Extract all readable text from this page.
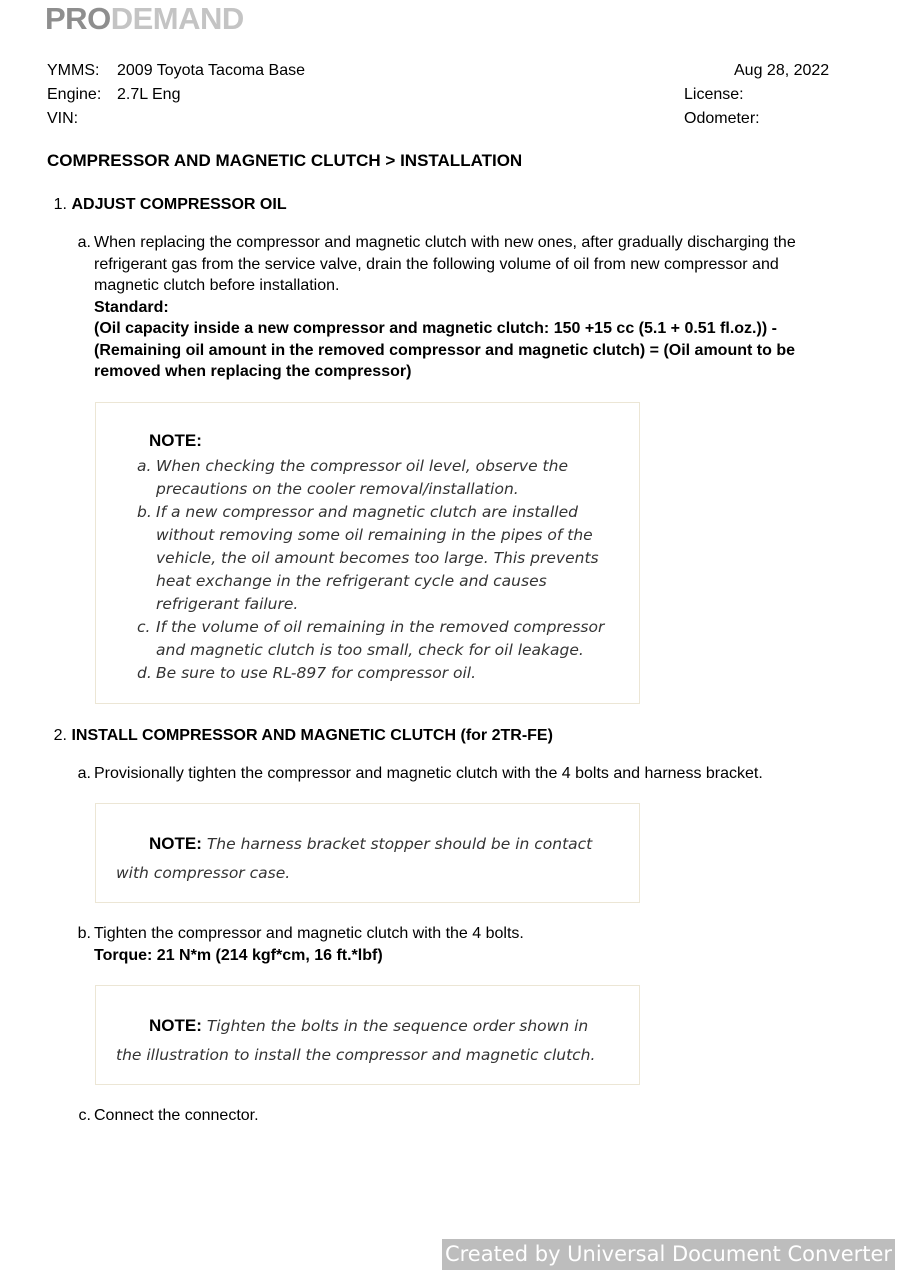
PRODEMAND
YMMS: 2009 Toyota Tacoma Base
Engine: 2.7L Eng
VIN:
Aug 28, 2022
License:
Odometer:
COMPRESSOR AND MAGNETIC CLUTCH > INSTALLATION
1. ADJUST COMPRESSOR OIL
a. When replacing the compressor and magnetic clutch with new ones, after gradually discharging the
refrigerant gas from the service valve, drain the following volume of oil from new compressor and
magnetic clutch before installation.
Standard:
(Oil capacity inside a new compressor and magnetic clutch: 150 +15 cc (5.1 + 0.51 fl.oz.)) -
(Remaining oil amount in the removed compressor and magnetic clutch) = (Oil amount to be
removed when replacing the compressor)
NOTE:
a. When checking the compressor oil level, observe the
precautions on the cooler removal/installation.
b. If a new compressor and magnetic clutch are installed
without removing some oil remaining in the pipes of the
vehicle, the oil amount becomes too large. This prevents
heat exchange in the refrigerant cycle and causes
refrigerant failure.
c. If the volume of oil remaining in the removed compressor
and magnetic clutch is too small, check for oil leakage.
d. Be sure to use RL-897 for compressor oil.
2. INSTALL COMPRESSOR AND MAGNETIC CLUTCH (for 2TR-FE)
a. Provisionally tighten the compressor and magnetic clutch with the 4 bolts and harness bracket.
NOTE: The harness bracket stopper should be in contact
with compressor case.
b. Tighten the compressor and magnetic clutch with the 4 bolts.
Torque: 21 N*m (214 kgf*cm, 16 ft.*lbf)
NOTE: Tighten the bolts in the sequence order shown in
the illustration to install the compressor and magnetic clutch.
c. Connect the connector.
Created by Universal Document Converter
